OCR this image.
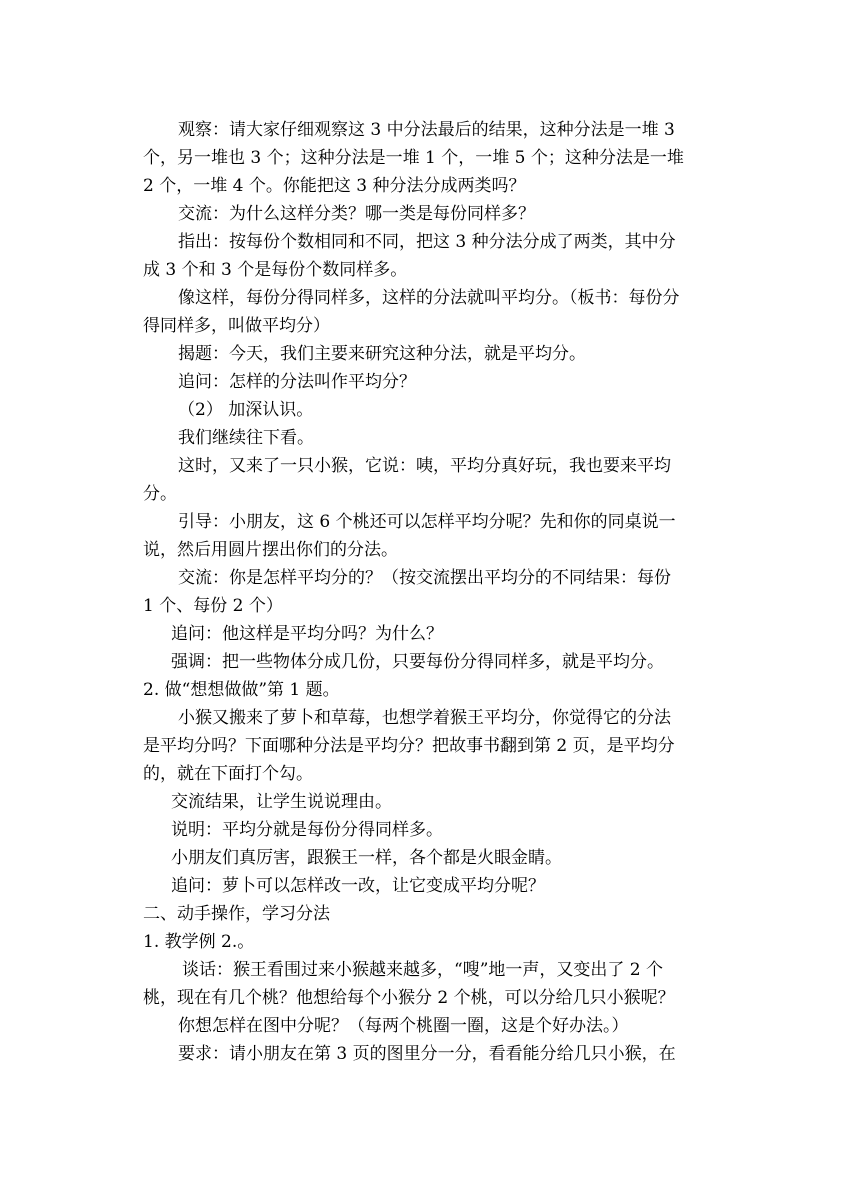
观察：请大家仔细观察这 3 中分法最后的结果，这种分法是一堆 3
个，另一堆也 3 个；这种分法是一堆 1 个，一堆 5 个；这种分法是一堆
2 个，一堆 4 个。你能把这 3 种分法分成两类吗？
交流：为什么这样分类？哪一类是每份同样多？
指出：按每份个数相同和不同，把这 3 种分法分成了两类，其中分
成 3 个和 3 个是每份个数同样多。
像这样，每份分得同样多，这样的分法就叫平均分。（板书：每份分
得同样多，叫做平均分）
揭题：今天，我们主要来研究这种分法，就是平均分。
追问：怎样的分法叫作平均分？
（2） 加深认识。
我们继续往下看。
这时，又来了一只小猴，它说：咦，平均分真好玩，我也要来平均
分。
引导：小朋友，这 6 个桃还可以怎样平均分呢？先和你的同桌说一
说，然后用圆片摆出你们的分法。
交流：你是怎样平均分的？（按交流摆出平均分的不同结果：每份
1 个、每份 2 个）
追问：他这样是平均分吗？为什么？
强调：把一些物体分成几份，只要每份分得同样多，就是平均分。
2. 做“想想做做”第 1 题。
小猴又搬来了萝卜和草莓，也想学着猴王平均分，你觉得它的分法
是平均分吗？下面哪种分法是平均分？把故事书翻到第 2 页，是平均分
的，就在下面打个勾。
交流结果，让学生说说理由。
说明：平均分就是每份分得同样多。
小朋友们真厉害，跟猴王一样，各个都是火眼金睛。
追问：萝卜可以怎样改一改，让它变成平均分呢？
二、动手操作，学习分法
1. 教学例 2.。
谈话：猴王看围过来小猴越来越多，“嗖”地一声，又变出了 2 个
桃，现在有几个桃？他想给每个小猴分 2 个桃，可以分给几只小猴呢？
你想怎样在图中分呢？（每两个桃圈一圈，这是个好办法。）
要求：请小朋友在第 3 页的图里分一分，看看能分给几只小猴，在
